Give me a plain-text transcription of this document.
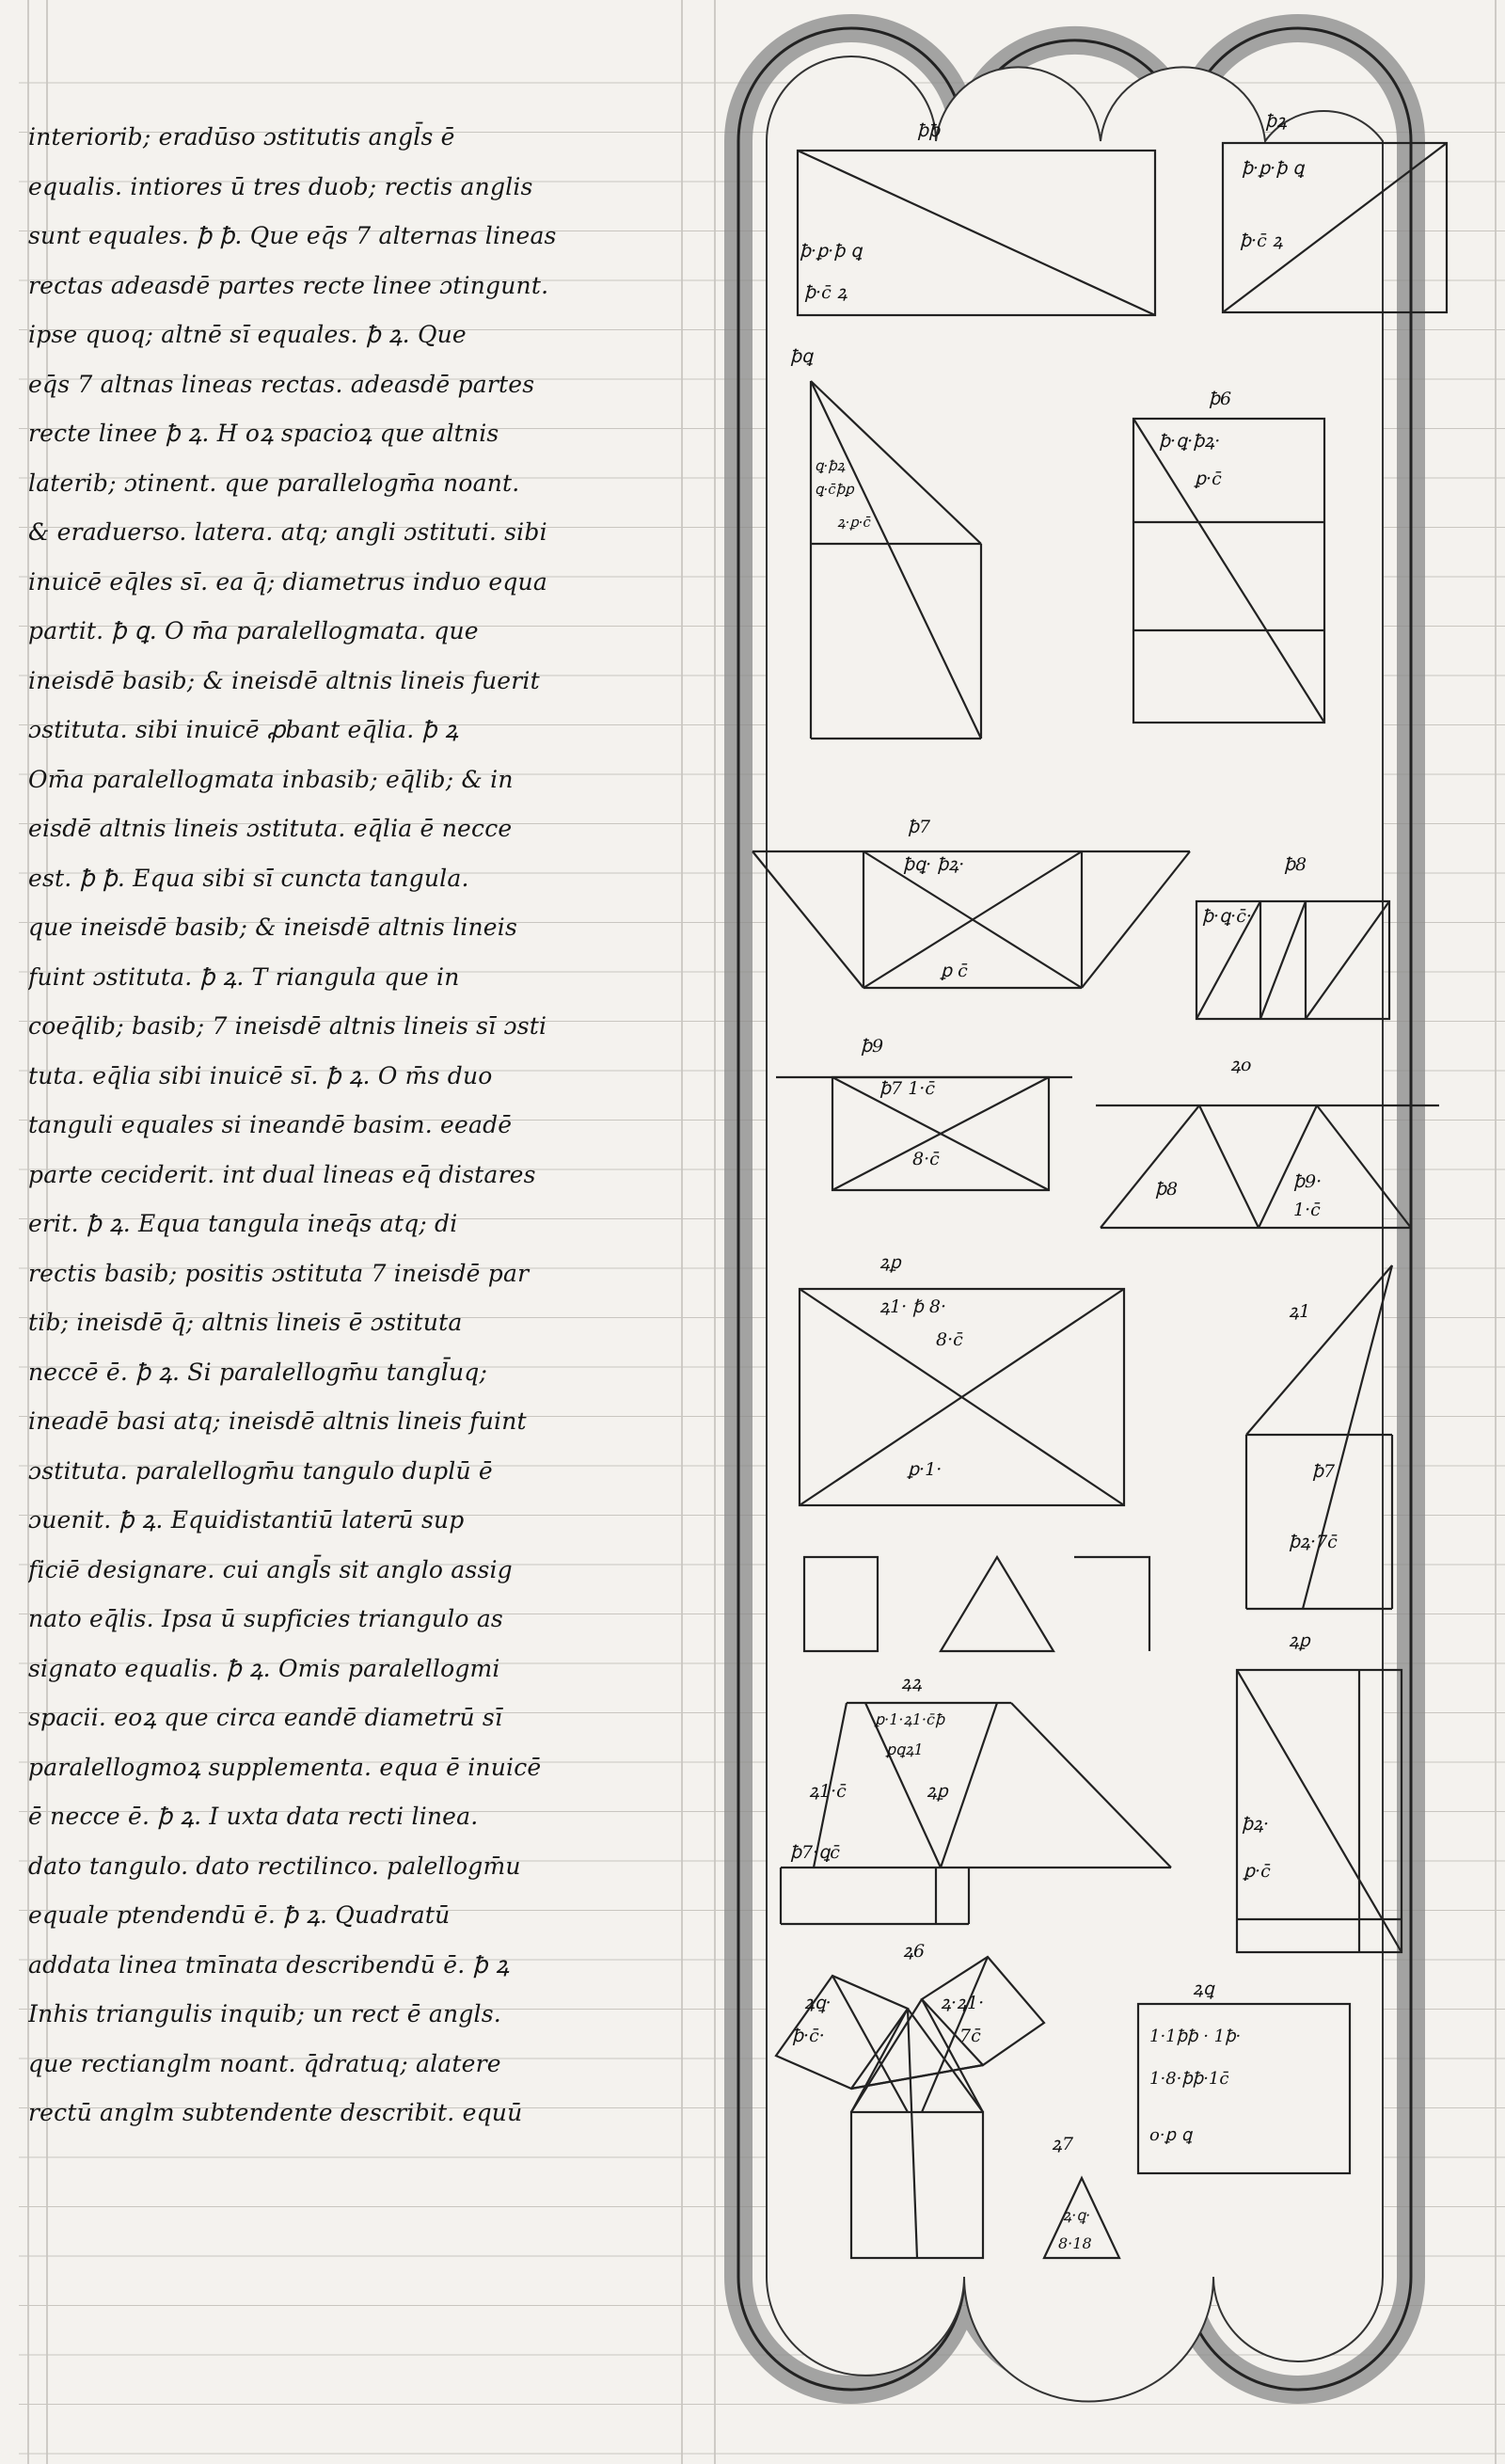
interiorib; eradūso ɔstitutis angl̄s ē
equalis. intiores ū tres duob; rectis anglis
sunt equales. ꝥ ꝥ. Que eq̄s 7 alternas lineas
rectas adeasdē partes recte linee ɔtingunt.
ipse quoq; altnē sī equales. ꝥ ꝝ. Que
eq̄s 7 altnas lineas rectas. adeasdē partes
recte linee ꝥ ꝝ. H oꝝ spacioꝝ que altnis
laterib; ɔtinent. que parallelogm̄a noant.
& eraduerso. latera. atq; angli ɔstituti. sibi
inuicē eq̄les sī. ea q̄; diametrus induo equa
partit. ꝥ ꝗ. O m̄a paralellogmata. que
ineisdē basib; & ineisdē altnis lineis fuerit
ɔstituta. sibi inuicē ꝓbant eq̄lia. ꝥ ꝝ
Om̄a paralellogmata inbasib; eq̄lib; & in
eisdē altnis lineis ɔstituta. eq̄lia ē necce
est. ꝥ ꝥ. Equa sibi sī cuncta tangula.
que ineisdē basib; & ineisdē altnis lineis
fuint ɔstituta. ꝥ ꝝ. T riangula que in
coeq̄lib; basib; 7 ineisdē altnis lineis sī ɔsti
tuta. eq̄lia sibi inuicē sī. ꝥ ꝝ. O m̄s duo
tanguli equales si ineandē basim. eeadē
parte ceciderit. int dual lineas eq̄ distares
erit. ꝥ ꝝ. Equa tangula ineq̄s atq; di
rectis basib; positis ɔstituta 7 ineisdē par
tib; ineisdē q̄; altnis lineis ē ɔstituta
neccē ē. ꝥ ꝝ. Si paralellogm̄u tangl̄uq;
ineadē basi atq; ineisdē altnis lineis fuint
ɔstituta. paralellogm̄u tangulo duplū ē
ɔuenit. ꝥ ꝝ. Equidistantiū laterū sup
ficiē designare. cui angl̄s sit anglo assig
nato eq̄lis. Ipsa ū supficies triangulo as
signato equalis. ꝥ ꝝ. Omis paralellogmi
spacii. eoꝝ que circa eandē diametrū sī
paralellogmoꝝ supplementa. equa ē inuicē
ē necce ē. ꝥ ꝝ. I uxta data recti linea.
dato tangulo. dato rectilinco. palellogm̄u
equale ptendendū ē. ꝥ ꝝ. Quadratū
addata linea tmīnata describendū ē. ꝥ ꝝ
Inhis triangulis inquib; un rect ē angls.
que rectianglm noant. q̄dratuq; alatere
rectū anglm subtendente describit. equū
ꝥꝥ
ꝥ·ꝑ·ꝥ ꝗ
ꝥ·c̄ ꝝ
ꝥꝝ
ꝥ·ꝑ·ꝥ ꝗ
ꝥ·c̄ ꝝ
ꝥꝗ
ꝗ·ꝥꝝ
ꝗ·c̄ꝥꝑ
ꝝ·ꝑ·c̄
ꝥ6
ꝥ·ꝗ·ꝥꝝ·
ꝑ·c̄
ꝥ7
ꝥꝗ· ꝥꝝ·
ꝑ c̄
ꝥ8
ꝥ·ꝗ·c̄·
ꝥ9
ꝥ7 1·c̄
8·c̄
ꝝo
ꝥ8	ꝥ9·
1·c̄
ꝝꝑ
ꝝ1· ꝥ 8·
8·c̄
ꝑ·1·
ꝝ1
ꝥ7
ꝥꝝ·7c̄
ꝝꝑ
ꝥꝝ·
ꝑ·c̄
ꝝꝝ
ꝑ·1·ꝝ1·c̄ꝥ
ꝑꝗꝝ1
ꝝ1·c̄	ꝝꝑ
ꝥ7·ꝗc̄
ꝝ6
ꝝꝗ·
ꝥ·c̄·
ꝝ·ꝝ1·
7c̄
ꝝ7
ꝝ·ꝗ·
8·18
ꝝꝗ
1·1ꝥꝥ · 1ꝥ·
1·8·ꝥꝥ·1c̄
o·ꝑ ꝗ
